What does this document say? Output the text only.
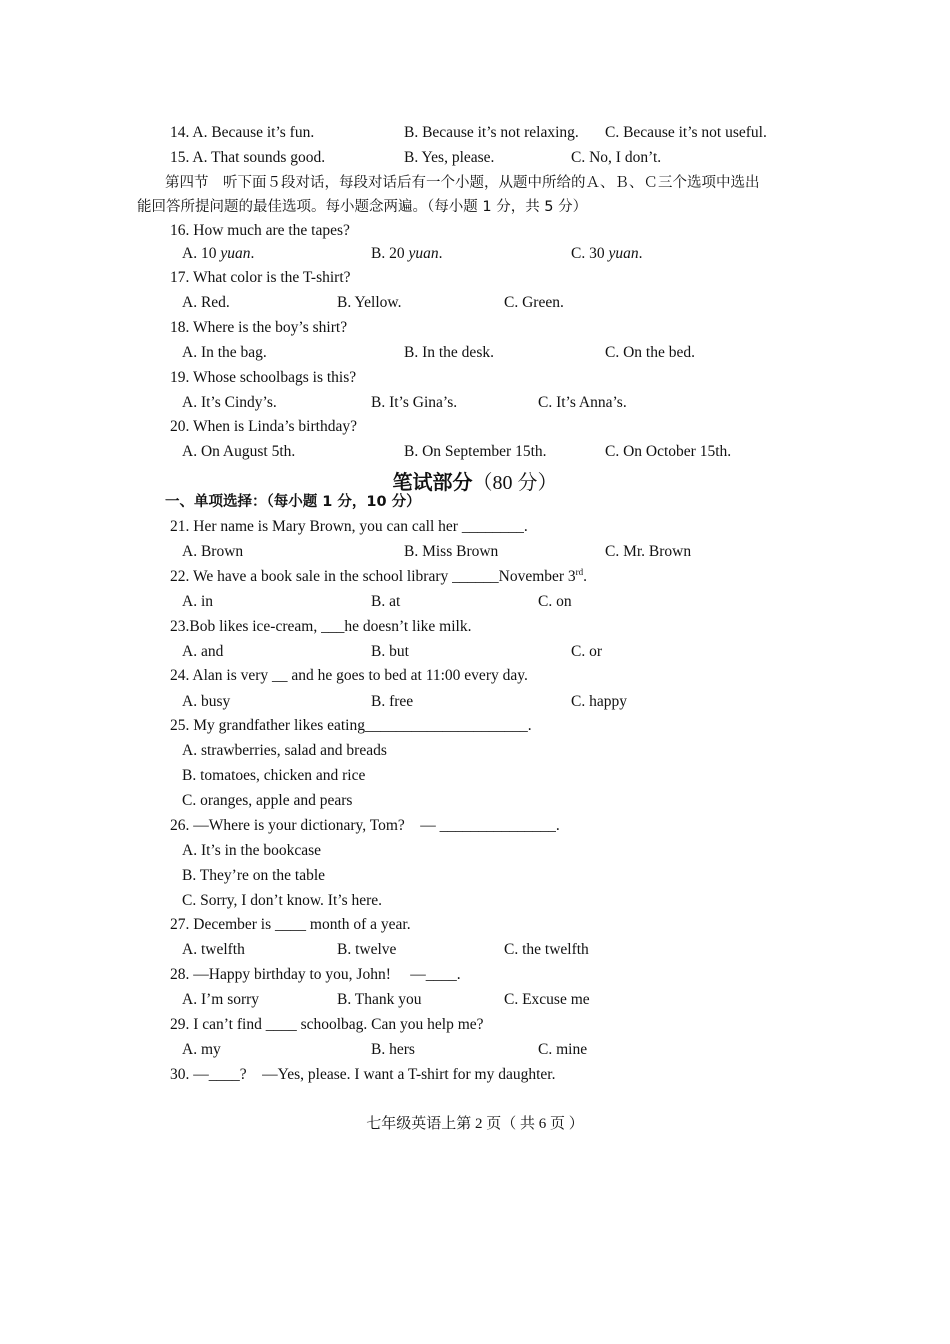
14. A. Because it’s fun.	B. Because it’s not relaxing. C. Because it’s not useful.
15. A. That sounds good.	B. Yes, please.	C. No, I don’t.
第四节　听下面５段对话，每段对话后有一个小题，从题中所给的Ａ、Ｂ、Ｃ三个选项中选出
能回答所提问题的最佳选项。每小题念两遍。（每小题 1 分，共 5 分）
16. How much are the tapes?
A. 10 yuan.	B. 20 yuan.	C. 30 yuan.
17. What color is the T-shirt?
A. Red.	B. Yellow.	C. Green.
18. Where is the boy’s shirt?
A. In the bag.	B. In the desk.	C. On the bed.
19. Whose schoolbags is this?
A. It’s Cindy’s.	B. It’s Gina’s.	C. It’s Anna’s.
20. When is Linda’s birthday?
A. On August 5th.	B. On September 15th.	C. On October 15th.
笔试部分（80 分）
一、单项选择：（每小题 1 分，10 分）
21. Her name is Mary Brown, you can call her ________.
A. Brown	B. Miss Brown	C. Mr. Brown
22. We have a book sale in the school library ______November 3rd.
A. in	B. at	C. on
23.Bob likes ice-cream, ___he doesn’t like milk.
A. and	B. but	C. or
24. Alan is very __ and he goes to bed at 11:00 every day.
A. busy	B. free	C. happy
25. My grandfather likes eating_____________________.
A. strawberries, salad and breads
B. tomatoes, chicken and rice
C. oranges, apple and pears
26. —Where is your dictionary, Tom?　— _______________.
A. It’s in the bookcase
B. They’re on the table
C. Sorry, I don’t know. It’s here.
27. December is ____ month of a year.
A. twelfth	B. twelve	C. the twelfth
28. —Happy birthday to you, John!　 —____.
A. I’m sorry	B. Thank you	C. Excuse me
29. I can’t find ____ schoolbag. Can you help me?
A. my	B. hers	C. mine
30. —____?　—Yes, please. I want a T-shirt for my daughter.
七年级英语上第 2 页（ 共 6 页 ）
